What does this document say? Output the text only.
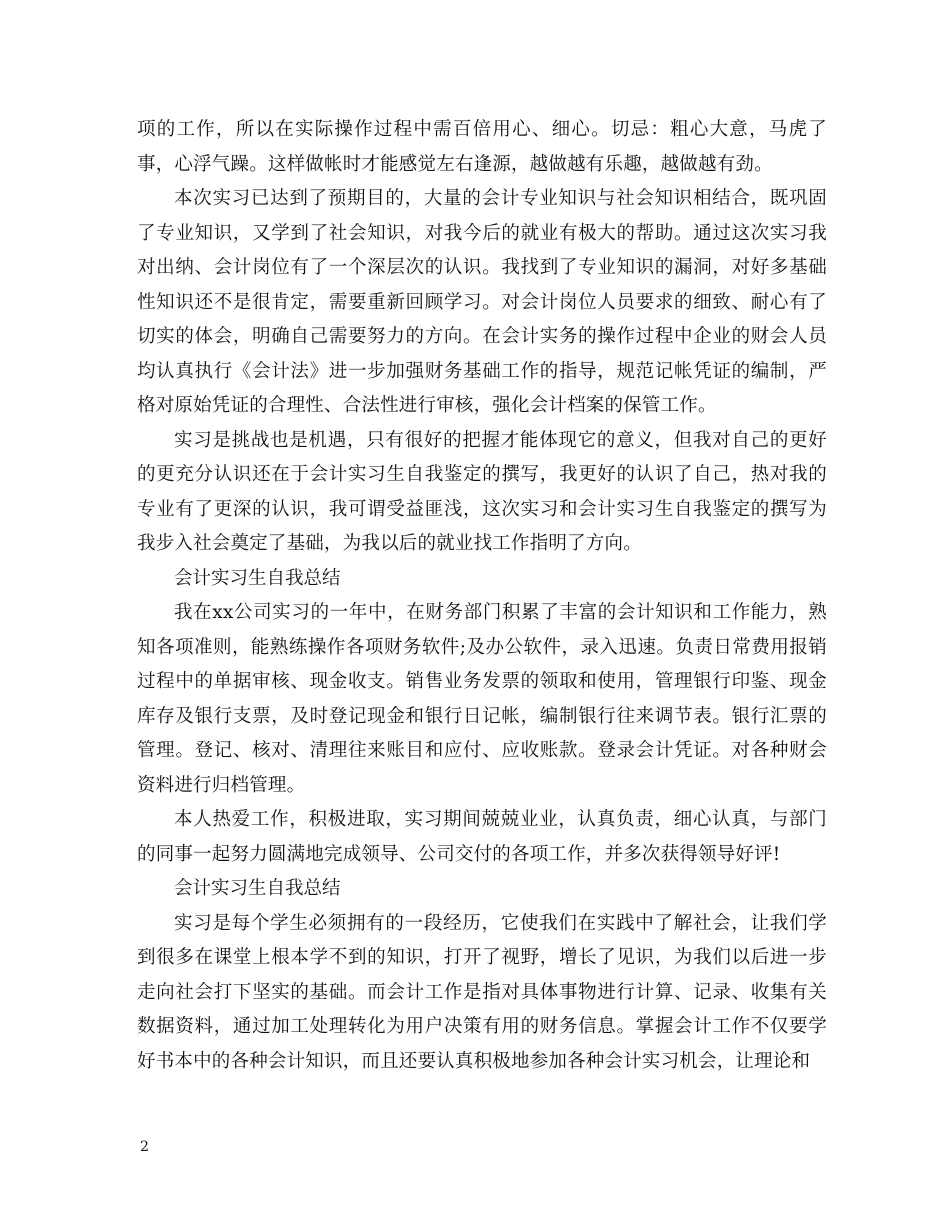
项的工作，所以在实际操作过程中需百倍用心、细心。切忌：粗心大意，马虎了事，心浮气躁。这样做帐时才能感觉左右逢源，越做越有乐趣，越做越有劲。

本次实习已达到了预期目的，大量的会计专业知识与社会知识相结合，既巩固了专业知识，又学到了社会知识，对我今后的就业有极大的帮助。通过这次实习我对出纳、会计岗位有了一个深层次的认识。我找到了专业知识的漏洞，对好多基础性知识还不是很肯定，需要重新回顾学习。对会计岗位人员要求的细致、耐心有了切实的体会，明确自己需要努力的方向。在会计实务的操作过程中企业的财会人员均认真执行《会计法》进一步加强财务基础工作的指导，规范记帐凭证的编制，严格对原始凭证的合理性、合法性进行审核，强化会计档案的保管工作。

实习是挑战也是机遇，只有很好的把握才能体现它的意义，但我对自己的更好的更充分认识还在于会计实习生自我鉴定的撰写，我更好的认识了自己，热对我的专业有了更深的认识，我可谓受益匪浅，这次实习和会计实习生自我鉴定的撰写为我步入社会奠定了基础，为我以后的就业找工作指明了方向。

会计实习生自我总结

我在xx公司实习的一年中，在财务部门积累了丰富的会计知识和工作能力，熟知各项准则，能熟练操作各项财务软件;及办公软件，录入迅速。负责日常费用报销过程中的单据审核、现金收支。销售业务发票的领取和使用，管理银行印鉴、现金库存及银行支票，及时登记现金和银行日记帐，编制银行往来调节表。银行汇票的管理。登记、核对、清理往来账目和应付、应收账款。登录会计凭证。对各种财会资料进行归档管理。

本人热爱工作，积极进取，实习期间兢兢业业，认真负责，细心认真，与部门的同事一起努力圆满地完成领导、公司交付的各项工作，并多次获得领导好评!

会计实习生自我总结

实习是每个学生必须拥有的一段经历，它使我们在实践中了解社会，让我们学到很多在课堂上根本学不到的知识，打开了视野，增长了见识，为我们以后进一步走向社会打下坚实的基础。而会计工作是指对具体事物进行计算、记录、收集有关数据资料，通过加工处理转化为用户决策有用的财务信息。掌握会计工作不仅要学好书本中的各种会计知识，而且还要认真积极地参加各种会计实习机会，让理论和

2
